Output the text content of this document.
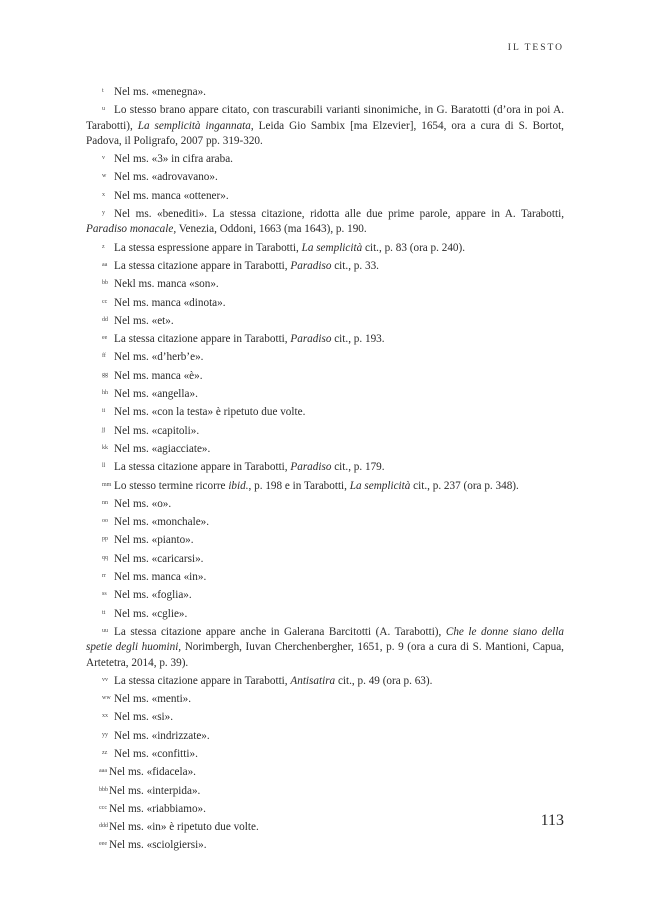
IL TESTO

t Nel ms. «menegna».

u Lo stesso brano appare citato, con trascurabili varianti sinonimiche, in G. Baratotti (d’ora in poi A. Tarabotti), La semplicità ingannata, Leida Gio Sambix [ma Elzevier], 1654, ora a cura di S. Bortot, Padova, il Poligrafo, 2007 pp. 319-320.

v Nel ms. «3» in cifra araba.

w Nel ms. «adrovavano».

x Nel ms. manca «ottener».

y Nel ms. «benediti». La stessa citazione, ridotta alle due prime parole, appare in A. Tarabotti, Paradiso monacale, Venezia, Oddoni, 1663 (ma 1643), p. 190.

z La stessa espressione appare in Tarabotti, La semplicità cit., p. 83 (ora p. 240).

aa La stessa citazione appare in Tarabotti, Paradiso cit., p. 33.

bb Nekl ms. manca «son».

cc Nel ms. manca «dinota».

dd Nel ms. «et».

ee La stessa citazione appare in Tarabotti, Paradiso cit., p. 193.

ff Nel ms. «d’herb’e».

gg Nel ms. manca «è».

hh Nel ms. «angella».

ii Nel ms. «con la testa» è ripetuto due volte.

jj Nel ms. «capitoli».

kk Nel ms. «agiacciate».

ll La stessa citazione appare in Tarabotti, Paradiso cit., p. 179.

mm Lo stesso termine ricorre ibid., p. 198 e in Tarabotti, La semplicità cit., p. 237 (ora p. 348).

nn Nel ms. «o».

oo Nel ms. «monchale».

pp Nel ms. «pianto».

qq Nel ms. «caricarsi».

rr Nel ms. manca «in».

ss Nel ms. «foglia».

tt Nel ms. «cglie».

uu La stessa citazione appare anche in Galerana Barcitotti (A. Tarabotti), Che le donne siano della spetie degli huomini, Norimbergh, Iuvan Cherchenbergher, 1651, p. 9 (ora a cura di S. Mantioni, Capua, Artetetra, 2014, p. 39).

vv La stessa citazione appare in Tarabotti, Antisatira cit., p. 49 (ora p. 63).

ww Nel ms. «menti».

xx Nel ms. «si».

yy Nel ms. «indrizzate».

zz Nel ms. «confitti».

aaa Nel ms. «fidacela».

bbbNel ms. «interpida».

ccc Nel ms. «riabbiamo».

dddNel ms. «in» è ripetuto due volte.

eee Nel ms. «sciolgiersi».

113
